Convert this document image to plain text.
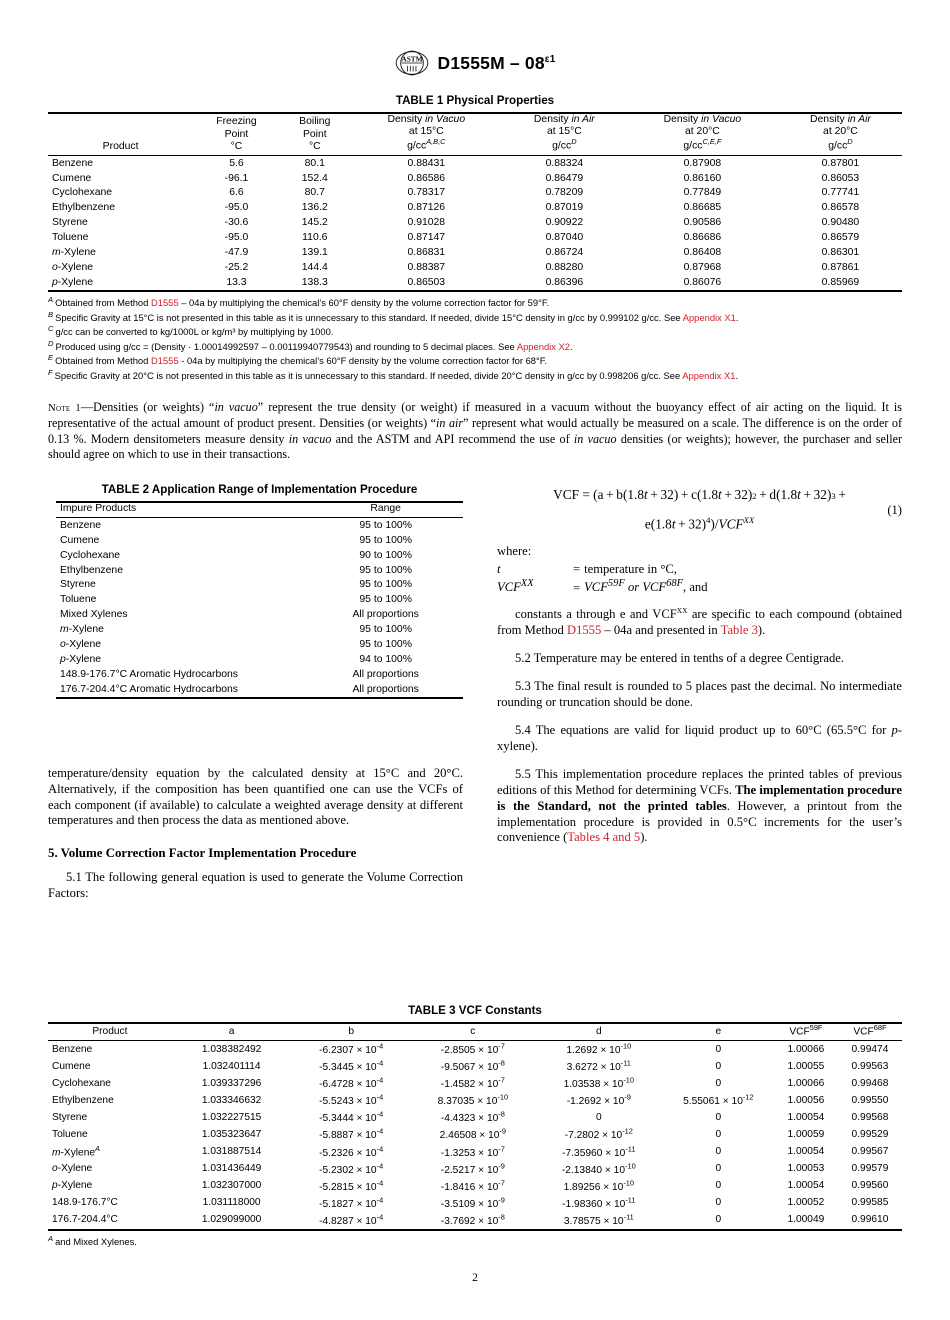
ASTM $D1555M - 08^{\varepsilon 1}$
TABLE 1 Physical Properties
Product

Freezing
Point
°C

Boiling
Point
°C

Density in Vacuo
at 15°C
g/cc$^{A,B,C}$

Density in Air
at 15°C
g/cc$^D$

Density in Vacuo
at 20°C
g/cc$^{C,E,F}$

Density in Air
at 20°C
g/cc$^D$

Benzene	5.6	80.1	0.88431	0.88324	0.87908	0.87801
Cumene	-96.1	152.4	0.86586	0.86479	0.86160	0.86053
Cyclohexane	6.6	80.7	0.78317	0.78209	0.77849	0.77741
Ethylbenzene	-95.0	136.2	0.87126	0.87019	0.86685	0.86578
Styrene	-30.6	145.2	0.91028	0.90922	0.90586	0.90480
Toluene	-95.0	110.6	0.87147	0.87040	0.86686	0.86579
m-Xylene	-47.9	139.1	0.86831	0.86724	0.86408	0.86301
o-Xylene	-25.2	144.4	0.88387	0.88280	0.87968	0.87861
p-Xylene	13.3	138.3	0.86503	0.86396	0.86076	0.85969
$^A$ Obtained from Method D1555 – 04a by multiplying the chemical’s 60°F density by the volume correction factor for 59°F.
$^B$ Specific Gravity at 15°C is not presented in this table as it is unnecessary to this standard. If needed, divide 15°C density in g/cc by 0.999102 g/cc. See Appendix X1.
$^C$ g/cc can be converted to kg/1000L or kg/m³ by multiplying by 1000.
$^D$ Produced using g/cc = (Density · 1.00014992597 – 0.00119940779543) and rounding to 5 decimal places. See Appendix X2.
$^E$ Obtained from Method D1555 - 04a by multiplying the chemical’s 60°F density by the volume correction factor for 68°F.
$^F$ Specific Gravity at 20°C is not presented in this table as it is unnecessary to this standard. If needed, divide 20°C density in g/cc by 0.998206 g/cc. See Appendix X1.
Note 1—Densities (or weights) “in vacuo” represent the true density (or weight) if measured in a vacuum without the buoyancy effect of air acting on the liquid. It is representative of the actual amount of product present. Densities (or weights) “in air” represent what would actually be measured on a scale. The difference is on the order of 0.13 %. Modern densitometers measure density in vacuo and the ASTM and API recommend the use of in vacuo densities (or weights); however, the purchaser and seller should agree on which to use in their transactions.
TABLE 2 Application Range of Implementation Procedure
Impure Products	Range
Benzene	95 to 100%
Cumene	95 to 100%
Cyclohexane	90 to 100%
Ethylbenzene	95 to 100%
Styrene	95 to 100%
Toluene	95 to 100%
Mixed Xylenes	All proportions
m-Xylene	95 to 100%
o-Xylene	95 to 100%
p-Xylene	94 to 100%
148.9-176.7°C Aromatic Hydrocarbons	All proportions
176.7-204.4°C Aromatic Hydrocarbons	All proportions

temperature/density equation by the calculated density at 15°C and 20°C. Alternatively, if the composition has been quantified one can use the VCFs of each component (if available) to calculate a weighted average density at different temperatures and then process the data as mentioned above.

5. Volume Correction Factor Implementation Procedure

5.1 The following general equation is used to generate the Volume Correction Factors:

VCF = (a + b(1.8 t  + 32) + c(1.8 t  + 32) 2  + d(1.8 t  + 32) 3  +
(1)
$e(1.8t + 32)^4)/VCF^{XX}$
where:
t	=	temperature in °C,
$VCF^{XX}$	=	$VCF^{59F}$ or $VCF^{68F}$, and

constants a through e and $VCF^{XX}$ are specific to each compound (obtained from Method D1555 – 04a and presented in Table 3).

5.2 Temperature may be entered in tenths of a degree Centigrade.

5.3 The final result is rounded to 5 places past the decimal. No intermediate rounding or truncation should be done.

5.4 The equations are valid for liquid product up to 60°C (65.5°C for p-xylene).

5.5 This implementation procedure replaces the printed tables of previous editions of this Method for determining VCFs. The implementation procedure is the Standard, not the printed tables. However, a printout from the implementation procedure is provided in 0.5°C increments for the user’s convenience (Tables 4 and 5).

TABLE 3 VCF Constants
Product	a	b	c	d	e	$VCF^{59F}$	$VCF^{68F}$
Benzene	1.038382492	$-6.2307 \times 10^{-4}$	$-2.8505 \times 10^{-7}$	$1.2692 \times 10^{-10}$	0	1.00066	0.99474
Cumene	1.032401114	$-5.3445 \times 10^{-4}$	$-9.5067 \times 10^{-8}$	$3.6272 \times 10^{-11}$	0	1.00055	0.99563
Cyclohexane	1.039337296	$-6.4728 \times 10^{-4}$	$-1.4582 \times 10^{-7}$	$1.03538 \times 10^{-10}$	0	1.00066	0.99468
Ethylbenzene	1.033346632	$-5.5243 \times 10^{-4}$	$8.37035 \times 10^{-10}$	$-1.2692 \times 10^{-9}$	$5.55061 \times 10^{-12}$	1.00056	0.99550
Styrene	1.032227515	$-5.3444 \times 10^{-4}$	$-4.4323 \times 10^{-8}$	0	0	1.00054	0.99568
Toluene	1.035323647	$-5.8887 \times 10^{-4}$	$2.46508 \times 10^{-9}$	$-7.2802 \times 10^{-12}$	0	1.00059	0.99529
m-Xylene$^A$	1.031887514	$-5.2326 \times 10^{-4}$	$-1.3253 \times 10^{-7}$	$-7.35960 \times 10^{-11}$	0	1.00054	0.99567
o-Xylene	1.031436449	$-5.2302 \times 10^{-4}$	$-2.5217 \times 10^{-9}$	$-2.13840 \times 10^{-10}$	0	1.00053	0.99579
p-Xylene	1.032307000	$-5.2815 \times 10^{-4}$	$-1.8416 \times 10^{-7}$	$1.89256 \times 10^{-10}$	0	1.00054	0.99560
148.9-176.7°C	1.031118000	$-5.1827 \times 10^{-4}$	$-3.5109 \times 10^{-9}$	$-1.98360 \times 10^{-11}$	0	1.00052	0.99585
176.7-204.4°C	1.029099000	$-4.8287 \times 10^{-4}$	$-3.7692 \times 10^{-8}$	$3.78575 \times 10^{-11}$	0	1.00049	0.99610
$^A$ and Mixed Xylenes.
2
